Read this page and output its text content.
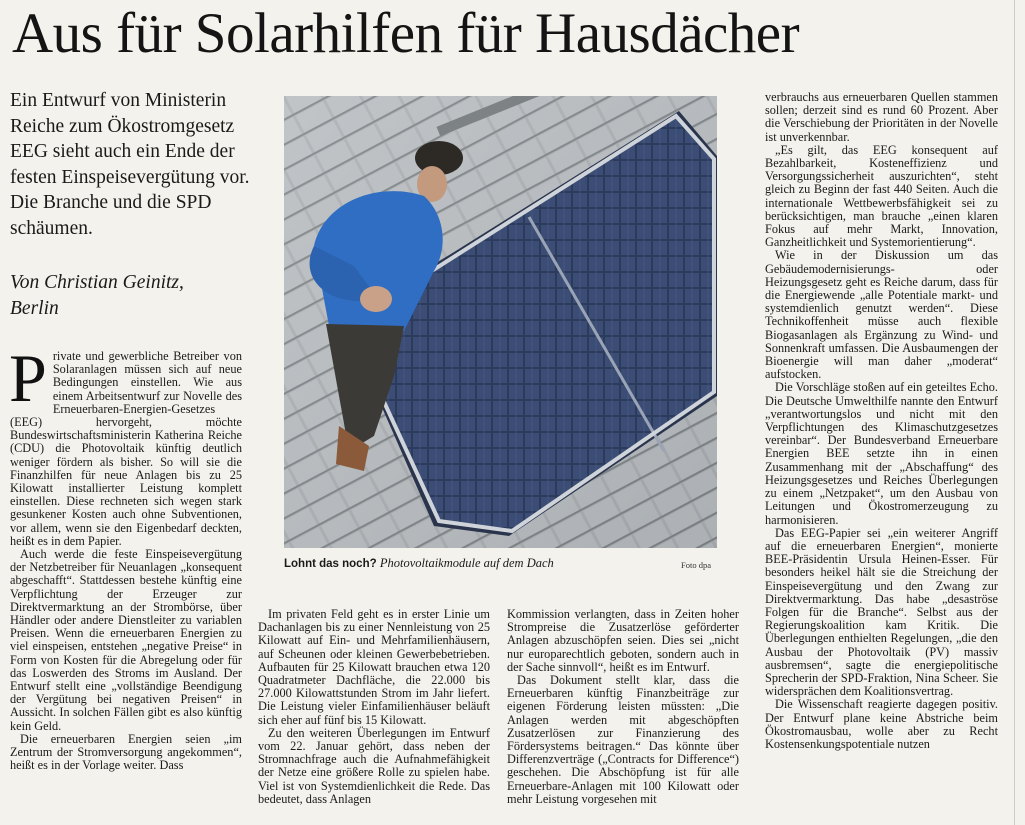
Aus für Solarhilfen für Hausdächer
Ein Entwurf von Ministerin Reiche zum Ökostromgesetz EEG sieht auch ein Ende der festen Einspeisevergütung vor. Die Branche und die SPD schäumen.
Von Christian Geinitz,
Berlin
Lohnt das noch? Photovoltaikmodule auf dem Dach	Foto dpa
P rivate und gewerbliche Betreiber von Solaranlagen müssen sich auf neue Bedingungen einstellen. Wie aus einem Arbeitsentwurf zur Novelle des Erneuerbaren-Energien-Gesetzes (EEG) hervorgeht, möchte Bundeswirtschaftsministerin Katherina Reiche (CDU) die Photovoltaik künftig deutlich weniger fördern als bisher. So will sie die Finanzhilfen für neue Anlagen bis zu 25 Kilowatt installierter Leistung komplett einstellen. Diese rechneten sich wegen stark gesunkener Kosten auch ohne Subventionen, vor allem, wenn sie den Eigenbedarf deckten, heißt es in dem Papier.

Auch werde die feste Einspeisevergütung der Netzbetreiber für Neuanlagen „konsequent abgeschafft“. Stattdessen bestehe künftig eine Verpflichtung der Erzeuger zur Direktvermarktung an der Strombörse, über Händler oder andere Dienstleiter zu variablen Preisen. Wenn die erneuerbaren Energien zu viel einspeisen, entstehen „negative Preise“ in Form von Kosten für die Abregelung oder für das Loswerden des Stroms im Ausland. Der Entwurf stellt eine „vollständige Beendigung der Vergütung bei negativen Preisen“ in Aussicht. In solchen Fällen gibt es also künftig kein Geld.

Die erneuerbaren Energien seien „im Zentrum der Stromversorgung angekommen“, heißt es in der Vorlage weiter. Dass

Im privaten Feld geht es in erster Linie um Dachanlagen bis zu einer Nennleistung von 25 Kilowatt auf Ein- und Mehrfamilienhäusern, auf Scheunen oder kleinen Gewerbebetrieben. Aufbauten für 25 Kilowatt brauchen etwa 120 Quadratmeter Dachfläche, die 22.000 bis 27.000 Kilowattstunden Strom im Jahr liefert. Die Leistung vieler Einfamilienhäuser beläuft sich eher auf fünf bis 15 Kilowatt.

Zu den weiteren Überlegungen im Entwurf vom 22. Januar gehört, dass neben der Stromnachfrage auch die Aufnahmefähigkeit der Netze eine größere Rolle zu spielen habe. Viel ist von Systemdienlichkeit die Rede. Das bedeutet, dass Anlagen

Kommission verlangten, dass in Zeiten hoher Strompreise die Zusatzerlöse geförderter Anlagen abzuschöpfen seien. Dies sei „nicht nur europarechtlich geboten, sondern auch in der Sache sinnvoll“, heißt es im Entwurf.

Das Dokument stellt klar, dass die Erneuerbaren künftig Finanzbeiträge zur eigenen Förderung leisten müssten: „Die Anlagen werden mit abgeschöpften Zusatzerlösen zur Finanzierung des Fördersystems beitragen.“ Das könnte über Differenzverträge („Contracts for Difference“) geschehen. Die Abschöpfung ist für alle Erneuerbare-Anlagen mit 100 Kilowatt oder mehr Leistung vorgesehen mit

verbrauchs aus erneuerbaren Quellen stammen sollen; derzeit sind es rund 60 Prozent. Aber die Verschiebung der Prioritäten in der Novelle ist unverkennbar.

„Es gilt, das EEG konsequent auf Bezahlbarkeit, Kosteneffizienz und Versorgungssicherheit auszurichten“, steht gleich zu Beginn der fast 440 Seiten. Auch die internationale Wettbewerbsfähigkeit sei zu berücksichtigen, man brauche „einen klaren Fokus auf mehr Markt, Innovation, Ganzheitlichkeit und Systemorientierung“.

Wie in der Diskussion um das Gebäudemodernisierungs- oder Heizungsgesetz geht es Reiche darum, dass für die Energiewende „alle Potentiale markt- und systemdienlich genutzt werden“. Diese Technikoffenheit müsse auch flexible Biogasanlagen als Ergänzung zu Wind- und Sonnenkraft umfassen. Die Ausbaumengen der Bioenergie will man daher „moderat“ aufstocken.

Die Vorschläge stoßen auf ein geteiltes Echo. Die Deutsche Umwelthilfe nannte den Entwurf „verantwortungslos und nicht mit den Verpflichtungen des Klimaschutzgesetzes vereinbar“. Der Bundesverband Erneuerbare Energien BEE setzte ihn in einen Zusammenhang mit der „Abschaffung“ des Heizungsgesetzes und Reiches Überlegungen zu einem „Netzpaket“, um den Ausbau von Leitungen und Ökostromerzeugung zu harmonisieren.

Das EEG-Papier sei „ein weiterer Angriff auf die erneuerbaren Energien“, monierte BEE-Präsidentin Ursula Heinen-Esser. Für besonders heikel hält sie die Streichung der Einspeisevergütung und den Zwang zur Direktvermarktung. Das habe „desaströse Folgen für die Branche“. Selbst aus der Regierungskoalition kam Kritik. Die Überlegungen enthielten Regelungen, „die den Ausbau der Photovoltaik (PV) massiv ausbremsen“, sagte die energiepolitische Sprecherin der SPD-Fraktion, Nina Scheer. Sie widersprächen dem Koalitionsvertrag.

Die Wissenschaft reagierte dagegen positiv. Der Entwurf plane keine Abstriche beim Ökostromausbau, wolle aber zu Recht Kostensenkungspotentiale nutzen
